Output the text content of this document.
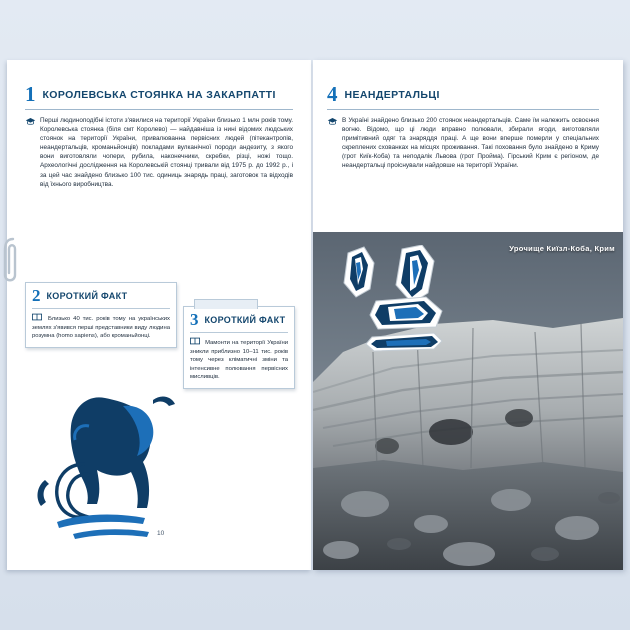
1 КОРОЛЕВСЬКА СТОЯНКА НА ЗАКАРПАТТІ
Перші людиноподібні істоти з'явилися на території України близько 1 млн років тому. Королевська стоянка (біля смт Королево) — найдавніша із нині відомих людських стоянок на території України, привалюванна первісних людей (пітекантропів, неандертальців, кроманьйонців) покладами вулканічної породи андезиту, з якого вони виготовляли чопери, рубила, наконечники, скребки, різці, ножі тощо. Археологічні дослідження на Королевській стоянці тривали від 1975 р. до 1992 р., і за цей час знайдено близько 100 тис. одиниць знарядь праці, заготовок та відходів від їхнього виробництва.
2 КОРОТКИЙ ФАКТ
Близько 40 тис. років тому на українських землях з'явився перші представники виду людина розумна (homo sapiens), або кроманьйонці.
3 КОРОТКИЙ ФАКТ
Мамонти на території України зникли приблизно 10–11 тис. років тому через кліматичні зміни та інтенсивне полювання первісних мисливців.
10
4 НЕАНДЕРТАЛЬЦІ
В Україні знайдено близько 200 стоянок неандертальців. Саме їм належить освоєння вогню. Відомо, що ці люди вправно полювали, збирали ягоди, виготовляли примітивний одяг та знаряддя праці. А ще вони вперше померли у спеціальних скреплених схованках на місцях проживання. Такі поховання було знайдено в Криму (грот Киїк-Коба) та неподалік Львова (грот Пройма). Гірський Крим є регіоном, де неандертальці проіснували найдовше на території України.
Урочище Киїзл-Коба, Крим
